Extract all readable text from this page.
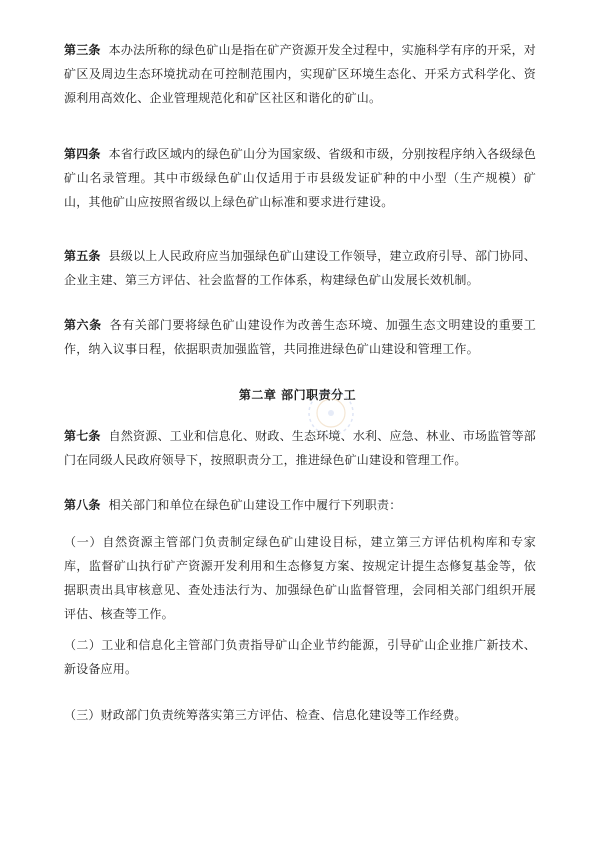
第三条 本办法所称的绿色矿山是指在矿产资源开发全过程中，实施科学有序的开采，对矿区及周边生态环境扰动在可控制范围内，实现矿区环境生态化、开采方式科学化、资源利用高效化、企业管理规范化和矿区社区和谐化的矿山。

第四条 本省行政区域内的绿色矿山分为国家级、省级和市级，分别按程序纳入各级绿色矿山名录管理。其中市级绿色矿山仅适用于市县级发证矿种的中小型（生产规模）矿山，其他矿山应按照省级以上绿色矿山标准和要求进行建设。

第五条 县级以上人民政府应当加强绿色矿山建设工作领导，建立政府引导、部门协同、企业主建、第三方评估、社会监督的工作体系，构建绿色矿山发展长效机制。

第六条 各有关部门要将绿色矿山建设作为改善生态环境、加强生态文明建设的重要工作，纳入议事日程，依据职责加强监管，共同推进绿色矿山建设和管理工作。

第二章 部门职责分工

第七条 自然资源、工业和信息化、财政、生态环境、水利、应急、林业、市场监管等部门在同级人民政府领导下，按照职责分工，推进绿色矿山建设和管理工作。

第八条 相关部门和单位在绿色矿山建设工作中履行下列职责：

（一）自然资源主管部门负责制定绿色矿山建设目标，建立第三方评估机构库和专家库，监督矿山执行矿产资源开发利用和生态修复方案、按规定计提生态修复基金等，依据职责出具审核意见、查处违法行为、加强绿色矿山监督管理，会同相关部门组织开展评估、核查等工作。

（二）工业和信息化主管部门负责指导矿山企业节约能源，引导矿山企业推广新技术、新设备应用。

（三）财政部门负责统筹落实第三方评估、检查、信息化建设等工作经费。
